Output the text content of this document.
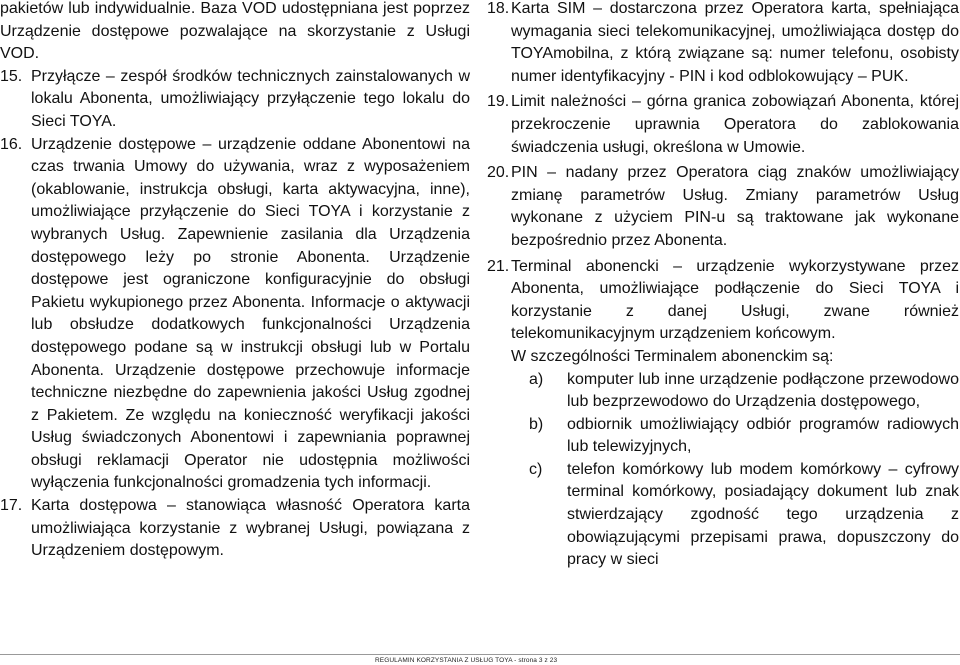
pakietów lub indywidualnie. Baza VOD udostępniana jest poprzez Urządzenie dostępowe pozwalające na skorzystanie z Usługi VOD.

15. Przyłącze – zespół środków technicznych zainstalowanych w lokalu Abonenta, umożliwiający przyłączenie tego lokalu do Sieci TOYA.
16. Urządzenie dostępowe – urządzenie oddane Abonentowi na czas trwania Umowy do używania, wraz z wyposażeniem (okablowanie, instrukcja obsługi, karta aktywacyjna, inne), umożliwiające przyłączenie do Sieci TOYA i korzystanie z wybranych Usług. Zapewnienie zasilania dla Urządzenia dostępowego leży po stronie Abonenta. Urządzenie dostępowe jest ograniczone konfiguracyjnie do obsługi Pakietu wykupionego przez Abonenta. Informacje o aktywacji lub obsłudze dodatkowych funkcjonalności Urządzenia dostępowego podane są w instrukcji obsługi lub w Portalu Abonenta. Urządzenie dostępowe przechowuje informacje techniczne niezbędne do zapewnienia jakości Usług zgodnej z Pakietem. Ze względu na konieczność weryfikacji jakości Usług świadczonych Abonentowi i zapewniania poprawnej obsługi reklamacji Operator nie udostępnia możliwości wyłączenia funkcjonalności gromadzenia tych informacji.
17. Karta dostępowa – stanowiąca własność Operatora karta umożliwiająca korzystanie z wybranej Usługi, powiązana z Urządzeniem dostępowym.
18. Karta SIM – dostarczona przez Operatora karta, spełniająca wymagania sieci telekomunikacyjnej, umożliwiająca dostęp do TOYAmobilna, z którą związane są: numer telefonu, osobisty numer identyfikacyjny - PIN i kod odblokowujący – PUK.
19. Limit należności – górna granica zobowiązań Abonenta, której przekroczenie uprawnia Operatora do zablokowania świadczenia usługi, określona w Umowie.
20. PIN – nadany przez Operatora ciąg znaków umożliwiający zmianę parametrów Usług. Zmiany parametrów Usług wykonane z użyciem PIN-u są traktowane jak wykonane bezpośrednio przez Abonenta.
21. Terminal abonencki – urządzenie wykorzystywane przez Abonenta, umożliwiające podłączenie do Sieci TOYA i korzystanie z danej Usługi, zwane również telekomunikacyjnym urządzeniem końcowym.

W szczególności Terminalem abonenckim są:

a)	komputer lub inne urządzenie podłączone przewodowo lub bezprzewodowo do Urządzenia dostępowego,
b)	odbiornik umożliwiający odbiór programów radiowych lub telewizyjnych,
c)	telefon komórkowy lub modem komórkowy – cyfrowy terminal komórkowy, posiadający dokument lub znak stwierdzający zgodność tego urządzenia z obowiązującymi przepisami prawa, dopuszczony do pracy w sieci
REGULAMIN KORZYSTANIA Z USŁUG TOYA - strona 3 z 23
